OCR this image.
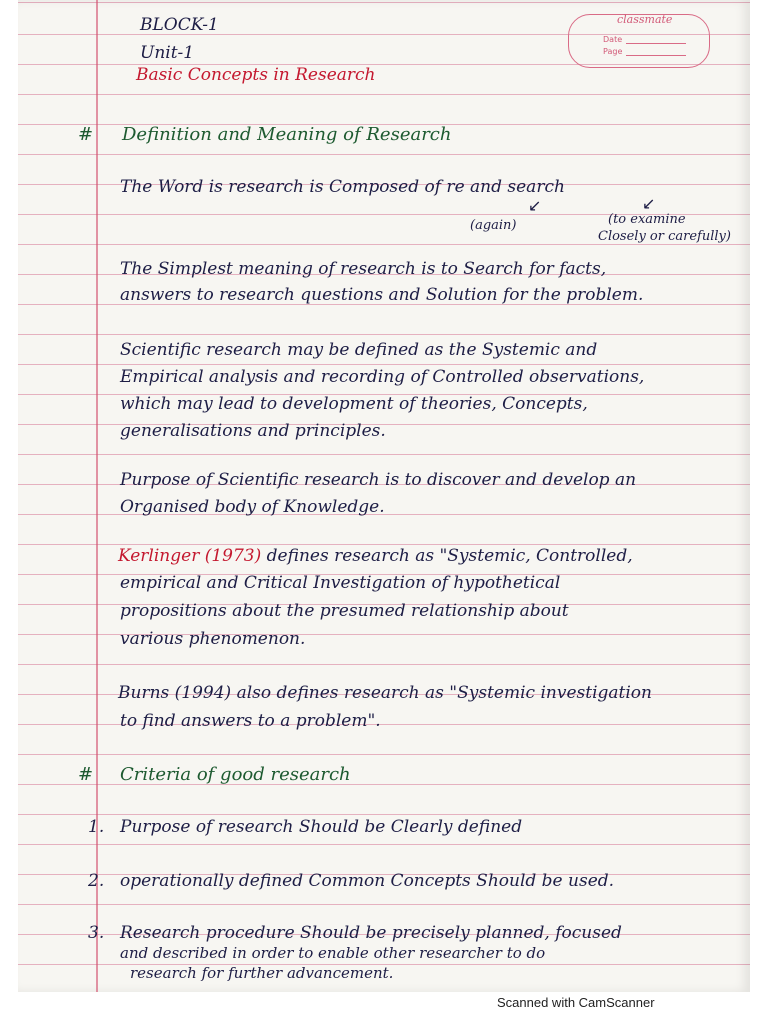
classmate
Date
Page

BLOCK-1

Unit-1

Basic Concepts in Research

# Definition and Meaning of Research

The Word is research is Composed of re and search

↙	↙

(again)	(to examine

Closely or carefully)

The Simplest meaning of research is to Search for facts,

answers to research questions and Solution for the problem.

Scientific research may be defined as the Systemic and

Empirical analysis and recording of Controlled observations,

which may lead to development of theories, Concepts,

generalisations and principles.

Purpose of Scientific research is to discover and develop an

Organised body of Knowledge.

Kerlinger (1973) defines research as "Systemic, Controlled,

empirical and Critical Investigation of hypothetical

propositions about the presumed relationship about

various phenomenon.

Burns (1994) also defines research as "Systemic investigation

to find answers to a problem".

# Criteria of good research

1. Purpose of research Should be Clearly defined

2. operationally defined Common Concepts Should be used.

3. Research procedure Should be precisely planned, focused

and described in order to enable other researcher to do

research for further advancement.

Scanned with CamScanner
